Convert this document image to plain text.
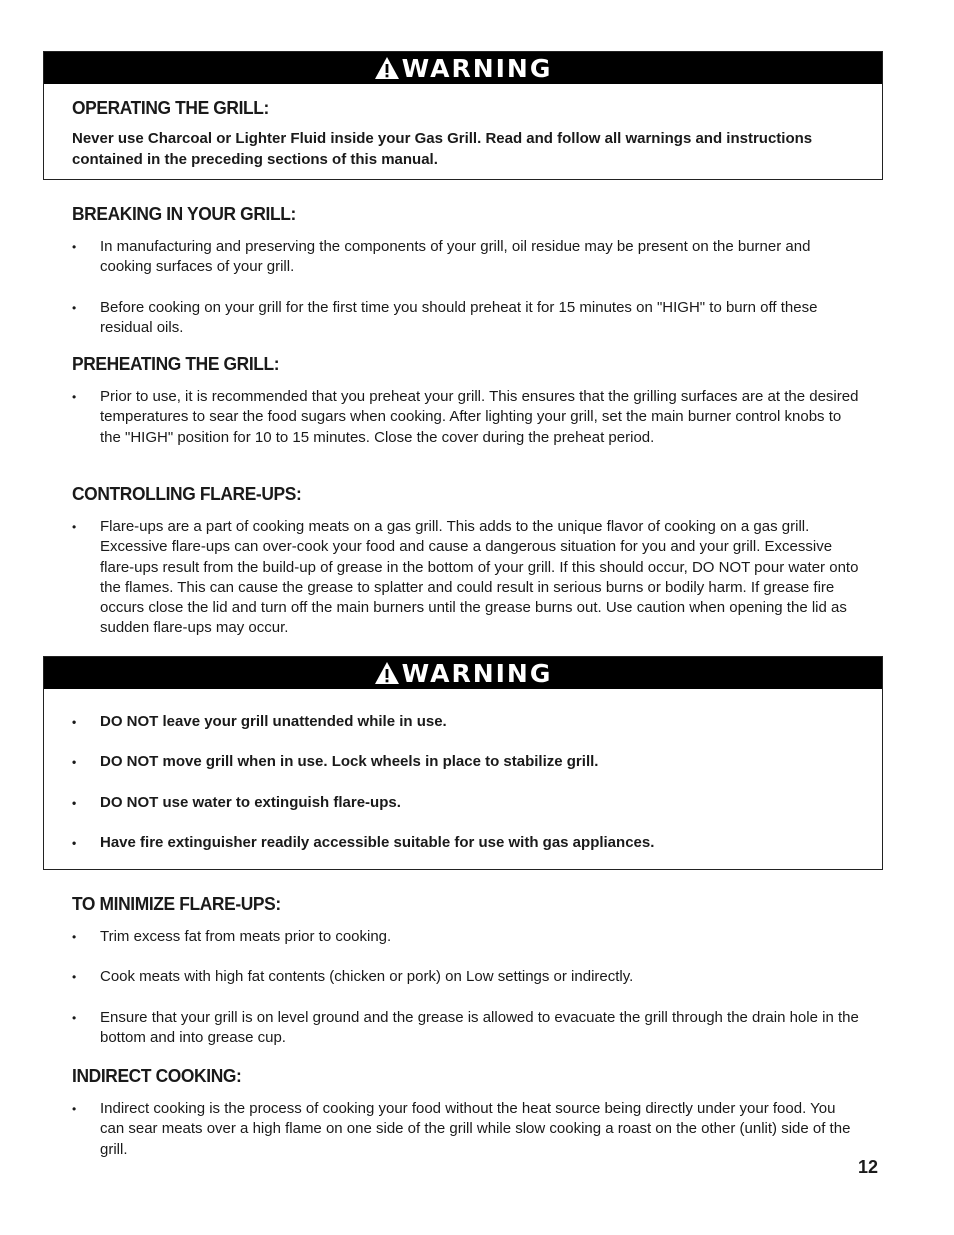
WARNING
OPERATING THE GRILL:

Never use Charcoal or Lighter Fluid inside your Gas Grill. Read and follow all warnings and instructions contained in the preceding sections of this manual.

BREAKING IN YOUR GRILL:
• In manufacturing and preserving the components of your grill, oil residue may be present on the burner and cooking surfaces of your grill.
• Before cooking on your grill for the first time you should preheat it for 15 minutes on "HIGH" to burn off these residual oils.
PREHEATING THE GRILL:
• Prior to use, it is recommended that you preheat your grill. This ensures that the grilling surfaces are at the desired temperatures to sear the food sugars when cooking. After lighting your grill, set the main burner control knobs to the "HIGH" position for 10 to 15 minutes. Close the cover during the preheat period.
CONTROLLING FLARE-UPS:
• Flare-ups are a part of cooking meats on a gas grill. This adds to the unique flavor of cooking on a gas grill. Excessive flare-ups can over-cook your food and cause a dangerous situation for you and your grill. Excessive flare-ups result from the build-up of grease in the bottom of your grill. If this should occur, DO NOT pour water onto the flames. This can cause the grease to splatter and could result in serious burns or bodily harm. If grease fire occurs close the lid and turn off the main burners until the grease burns out. Use caution when opening the lid as sudden flare-ups may occur.
WARNING
• DO NOT leave your grill unattended while in use.
• DO NOT move grill when in use. Lock wheels in place to stabilize grill.
• DO NOT use water to extinguish flare-ups.
• Have fire extinguisher readily accessible suitable for use with gas appliances.
TO MINIMIZE FLARE-UPS:
• Trim excess fat from meats prior to cooking.
• Cook meats with high fat contents (chicken or pork) on Low settings or indirectly.
• Ensure that your grill is on level ground and the grease is allowed to evacuate the grill through the drain hole in the bottom and into grease cup.
INDIRECT COOKING:
• Indirect cooking is the process of cooking your food without the heat source being directly under your food. You can sear meats over a high flame on one side of the grill while slow cooking a roast on the other (unlit) side of the grill.
12
